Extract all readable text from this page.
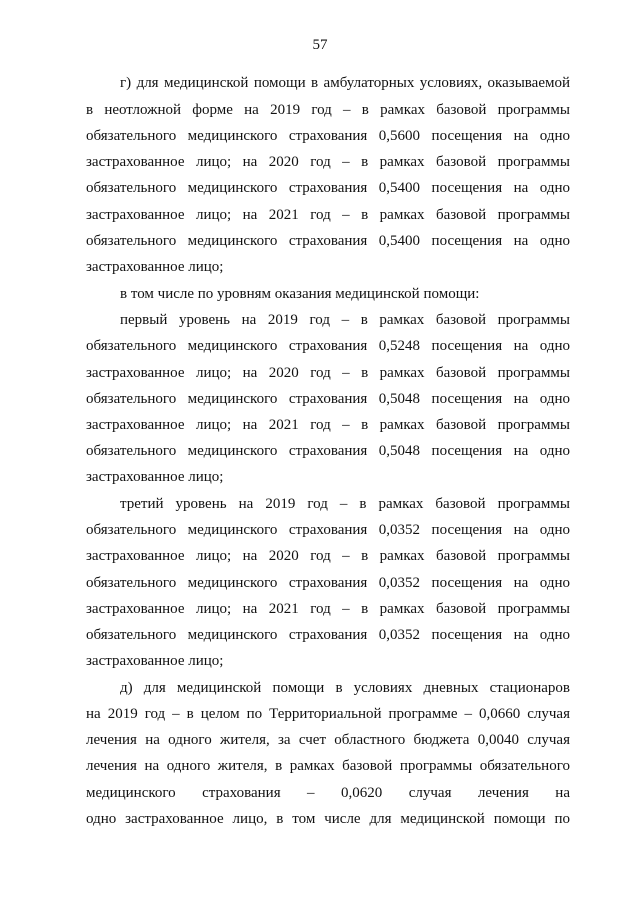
57
г) для медицинской помощи в амбулаторных условиях, оказываемой
в неотложной форме на 2019 год – в рамках базовой программы
обязательного медицинского страхования 0,5600 посещения на одно
застрахованное лицо; на 2020 год – в рамках базовой программы
обязательного медицинского страхования 0,5400 посещения на одно
застрахованное лицо; на 2021 год – в рамках базовой программы
обязательного медицинского страхования 0,5400 посещения на одно
застрахованное лицо;
в том числе по уровням оказания медицинской помощи:
первый уровень на 2019 год – в рамках базовой программы
обязательного медицинского страхования 0,5248 посещения на одно
застрахованное лицо; на 2020 год – в рамках базовой программы
обязательного медицинского страхования 0,5048 посещения на одно
застрахованное лицо; на 2021 год – в рамках базовой программы
обязательного медицинского страхования 0,5048 посещения на одно
застрахованное лицо;
третий уровень на 2019 год – в рамках базовой программы
обязательного медицинского страхования 0,0352 посещения на одно
застрахованное лицо; на 2020 год – в рамках базовой программы
обязательного медицинского страхования 0,0352 посещения на одно
застрахованное лицо; на 2021 год – в рамках базовой программы
обязательного медицинского страхования 0,0352 посещения на одно
застрахованное лицо;
д) для медицинской помощи в условиях дневных стационаров
на 2019 год – в целом по Территориальной программе – 0,0660 случая
лечения на одного жителя, за счет областного бюджета 0,0040 случая
лечения на одного жителя, в рамках базовой программы обязательного
медицинского страхования – 0,0620 случая лечения на
одно застрахованное лицо, в том числе для медицинской помощи по
